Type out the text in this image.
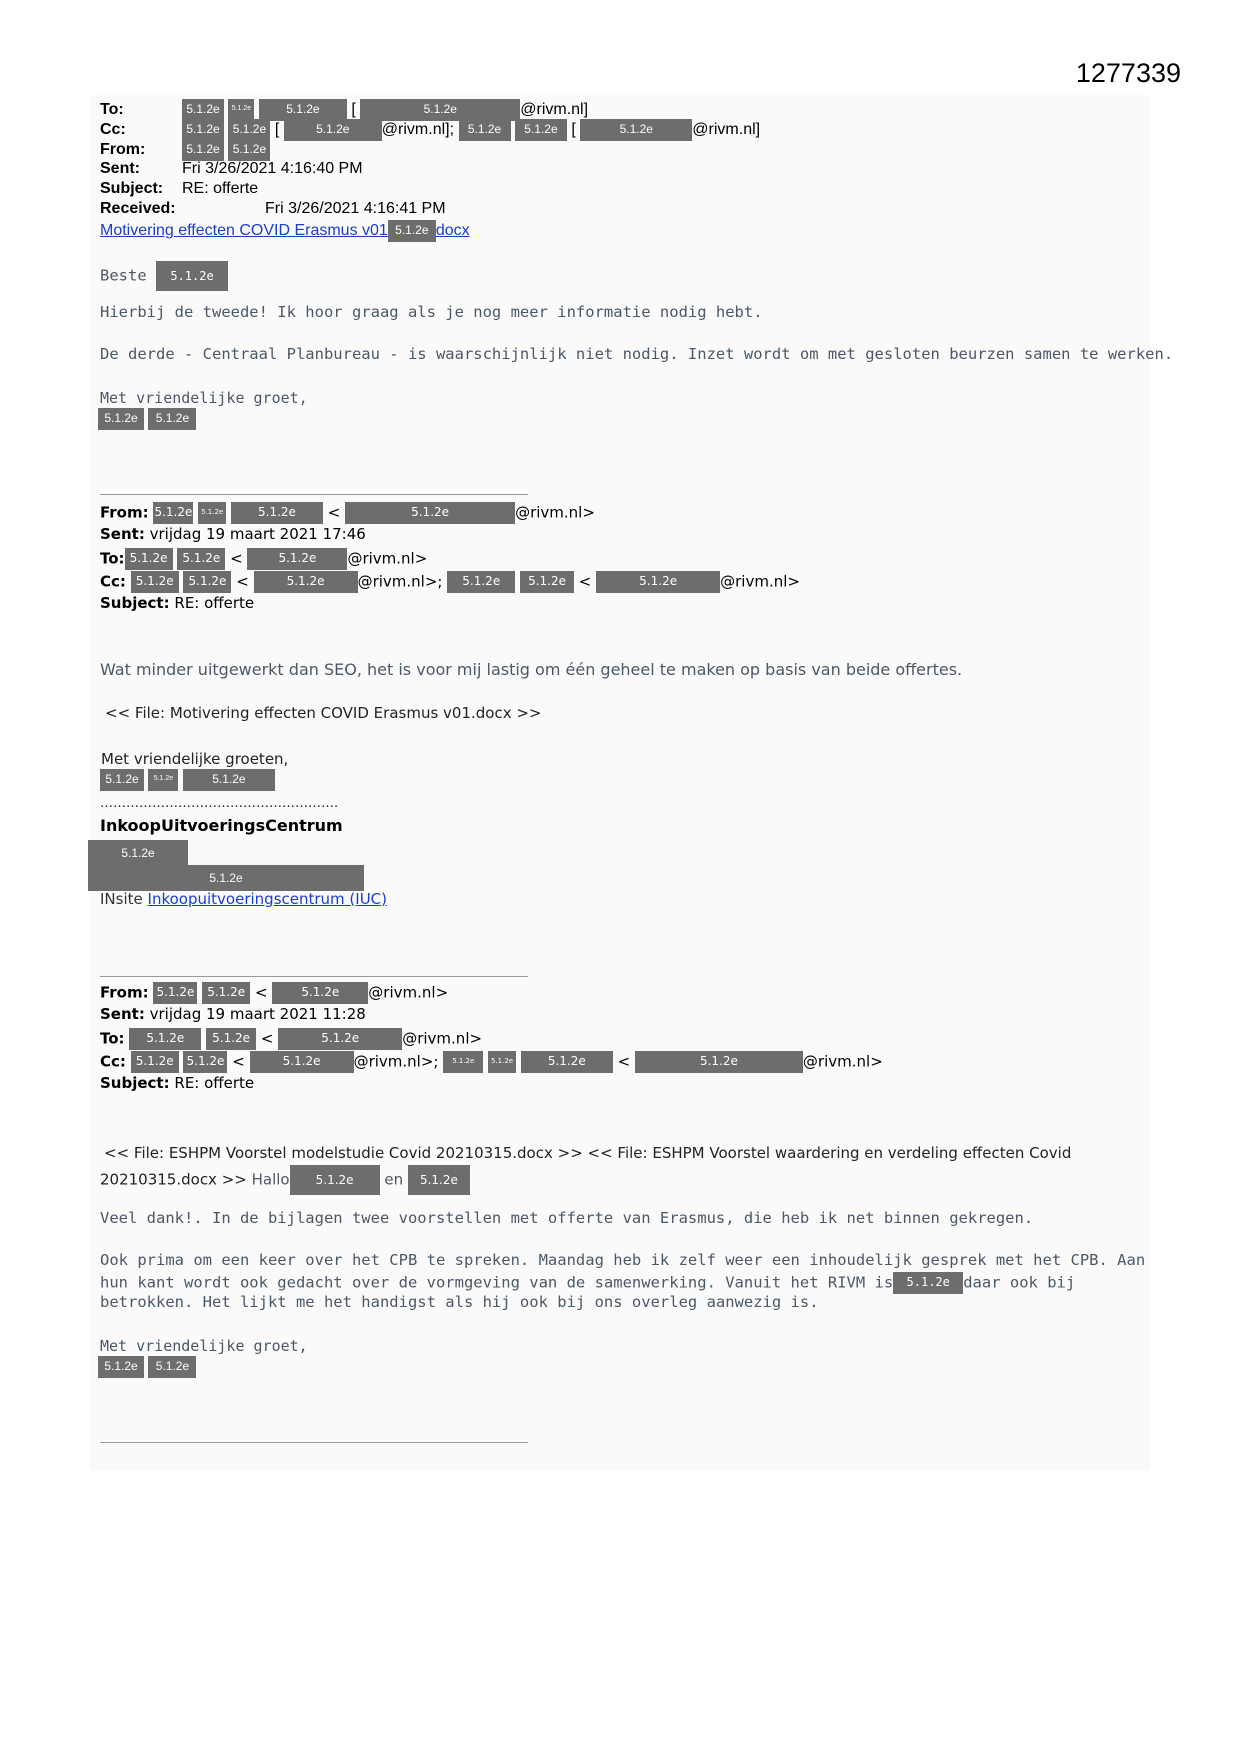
1277339
To:	5.1.2e 5.1.2e	5.1.2e [	5.1.2e	@rivm.nl]
Cc:	5.1.2e 5.1.2e [	5.1.2e @rivm.nl]; 5.1.2e 5.1.2e [	5.1.2e @rivm.nl]
From:	5.1.2e 5.1.2e
Sent:	Fri 3/26/2021 4:16:40 PM
Subject: RE: offerte
Received:	Fri 3/26/2021 4:16:41 PM
Motivering effecten COVID Erasmus v01 5.1.2e docx
Beste 5.1.2e
Hierbij de tweede! Ik hoor graag als je nog meer informatie nodig hebt.
De derde - Centraal Planbureau - is waarschijnlijk niet nodig. Inzet wordt om met gesloten beurzen samen te werken.
Met vriendelijke groet,
5.1.2e 5.1.2e
From: 5.1.2e 5.1.2e	5.1.2e <	5.1.2e	@rivm.nl>
Sent: vrijdag 19 maart 2021 17:46
To: 5.1.2e 5.1.2e <	5.1.2e @rivm.nl>
Cc: 5.1.2e 5.1.2e <	5.1.2e @rivm.nl>; 5.1.2e 5.1.2e <	5.1.2e	@rivm.nl>
Subject: RE: offerte
Wat minder uitgewerkt dan SEO, het is voor mij lastig om één geheel te maken op basis van beide offertes.
<< File: Motivering effecten COVID Erasmus v01.docx >>
Met vriendelijke groeten,
5.1.2e 5.1.2e	5.1.2e
……………………………………………….
InkoopUitvoeringsCentrum
5.1.2e
5.1.2e
INsite Inkoopuitvoeringscentrum (IUC)
From: 5.1.2e 5.1.2e < 5.1.2e @rivm.nl>
Sent: vrijdag 19 maart 2021 11:28
To: 5.1.2e 5.1.2e <	5.1.2e	@rivm.nl>
Cc: 5.1.2e 5.1.2e <	5.1.2e @rivm.nl>; 5.1.2e 5.1.2e	5.1.2e <	5.1.2e	@rivm.nl>
Subject: RE: offerte
<< File: ESHPM Voorstel modelstudie Covid 20210315.docx >> << File: ESHPM Voorstel waardering en verdeling effecten Covid
20210315.docx >> Hallo 5.1.2e en 5.1.2e
Veel dank!. In de bijlagen twee voorstellen met offerte van Erasmus, die heb ik net binnen gekregen.
Ook prima om een keer over het CPB te spreken. Maandag heb ik zelf weer een inhoudelijk gesprek met het CPB. Aan
hun kant wordt ook gedacht over de vormgeving van de samenwerking. Vanuit het RIVM is 5.1.2e daar ook bij
betrokken. Het lijkt me het handigst als hij ook bij ons overleg aanwezig is.
Met vriendelijke groet,
5.1.2e 5.1.2e
